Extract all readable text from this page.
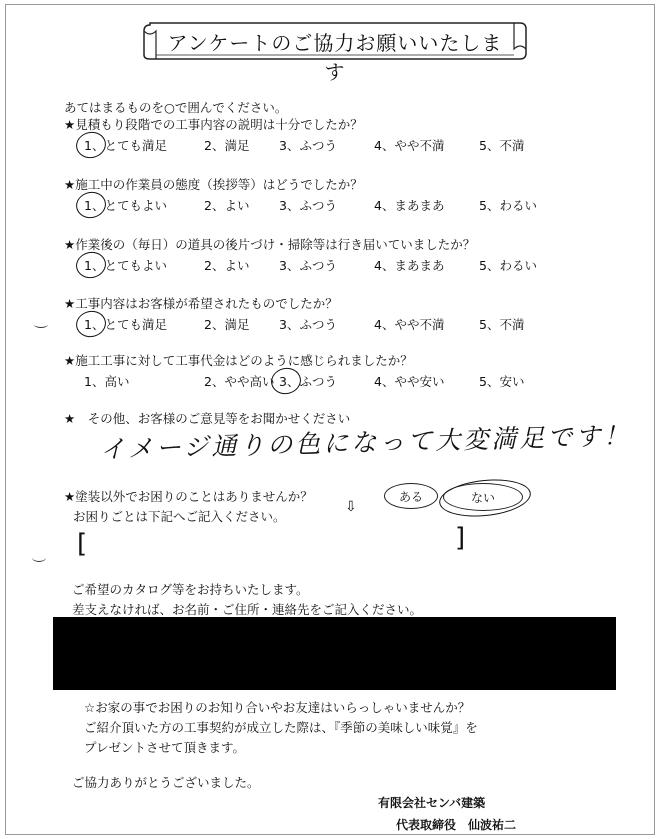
アンケートのご協力お願いいたします
あてはまるものを○で囲んでください。
★見積もり段階での工事内容の説明は十分でしたか？
1、とても満足	2、満足 3、ふつう	4、やや不満	5、不満
★施工中の作業員の態度（挨拶等）はどうでしたか？
1、とてもよい	2、よい 3、ふつう	4、まあまあ	5、わるい
★作業後の（毎日）の道具の後片づけ・掃除等は行き届いていましたか？
1、とてもよい	2、よい 3、ふつう	4、まあまあ	5、わるい
★工事内容はお客様が希望されたものでしたか？
1、とても満足	2、満足 3、ふつう	4、やや不満	5、不満
★施工工事に対して工事代金はどのように感じられましたか？
1、高い	2、やや高い 3、ふつう	4、やや安い	5、安い
★　その他、お客様のご意見等をお聞かせください
イメージ通りの色になって大変満足です！
★塗装以外でお困りのことはありませんか？
お困りごとは下記へご記入ください。
⇩
ある	ない
[	]
ご希望のカタログ等をお持ちいたします。
差支えなければ、お名前・ご住所・連絡先をご記入ください。
☆お家の事でお困りのお知り合いやお友達はいらっしゃいませんか？
ご紹介頂いた方の工事契約が成立した際は、『季節の美味しい味覚』を
プレゼントさせて頂きます。
ご協力ありがとうございました。
有限会社センバ建築
代表取締役　仙波祐二
